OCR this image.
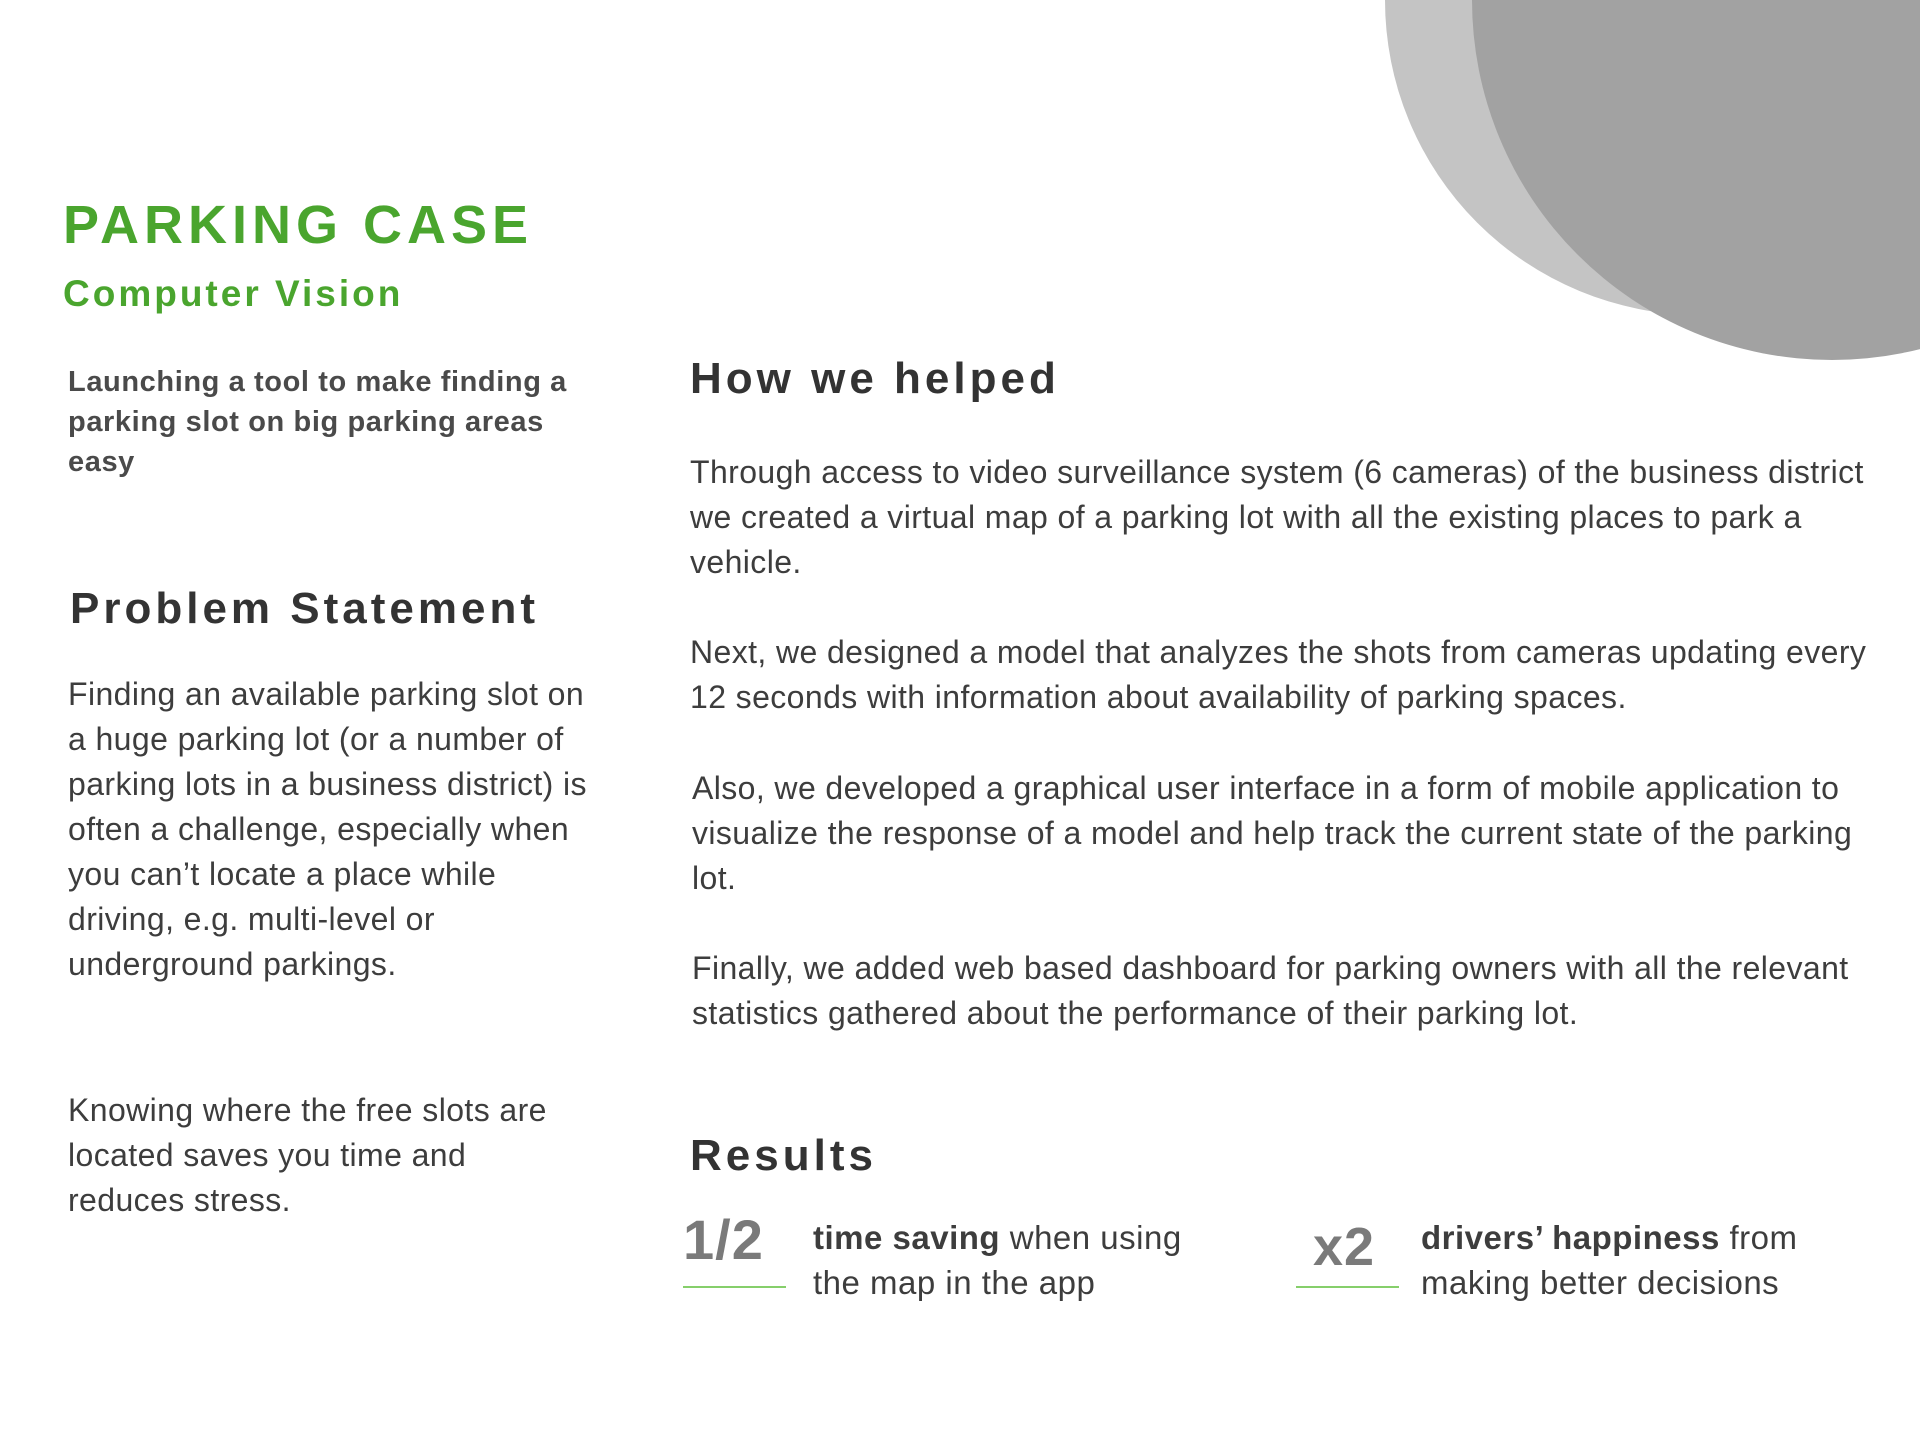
PARKING CASE
Computer Vision

Launching a tool to make finding a parking slot on big parking areas easy

Problem Statement

Finding an available parking slot on a huge parking lot (or a number of parking lots in a business district) is often a challenge, especially when you can’t locate a place while driving, e.g. multi-level or underground parkings.

Knowing where the free slots are located saves you time and reduces stress.

How we helped

Through access to video surveillance system (6 cameras) of the business district we created a virtual map of a parking lot with all the existing places to park a vehicle.

Next, we designed a model that analyzes the shots from cameras updating every 12 seconds with information about availability of parking spaces.

Also, we developed a graphical user interface in a form of mobile application to visualize the response of a model and help track the current state of the parking lot.

Finally, we added web based dashboard for parking owners with all the relevant statistics gathered about the performance of their parking lot.

Results
1/2 time saving when using
the map in the app

x2 drivers’ happiness from
making better decisions
